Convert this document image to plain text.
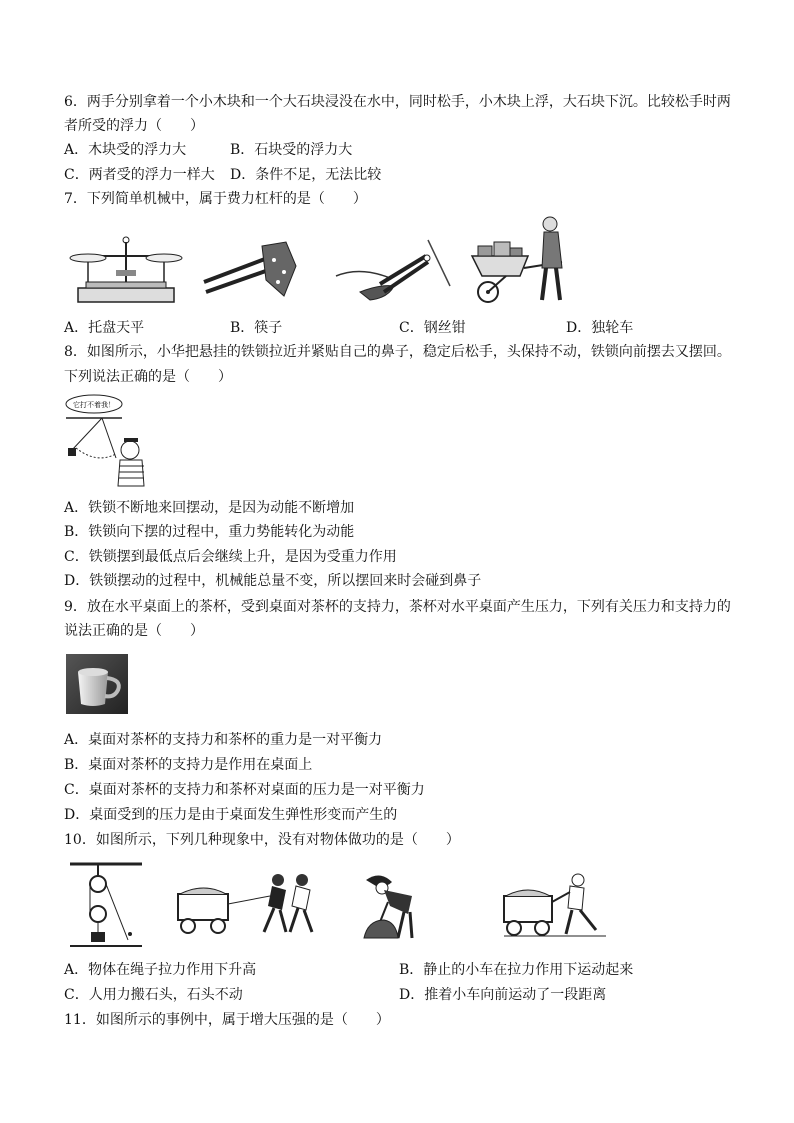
6．两手分别拿着一个小木块和一个大石块浸没在水中，同时松手，小木块上浮，大石块下沉。比较松手时两
者所受的浮力（　　）
A．木块受的浮力大	B．石块受的浮力大
C．两者受的浮力一样大 D．条件不足，无法比较
7．下列简单机械中，属于费力杠杆的是（　　）
A．托盘天平	B．筷子	C．钢丝钳	D．独轮车
8．如图所示，小华把悬挂的铁锁拉近并紧贴自己的鼻子，稳定后松手，头保持不动，铁锁向前摆去又摆回。
下列说法正确的是（　　）
它打不着我！
A．铁锁不断地来回摆动，是因为动能不断增加
B．铁锁向下摆的过程中，重力势能转化为动能
C．铁锁摆到最低点后会继续上升，是因为受重力作用
D．铁锁摆动的过程中，机械能总量不变，所以摆回来时会碰到鼻子
9．放在水平桌面上的茶杯，受到桌面对茶杯的支持力，茶杯对水平桌面产生压力，下列有关压力和支持力的
说法正确的是（　　）
A．桌面对茶杯的支持力和茶杯的重力是一对平衡力
B．桌面对茶杯的支持力是作用在桌面上
C．桌面对茶杯的支持力和茶杯对桌面的压力是一对平衡力
D．桌面受到的压力是由于桌面发生弹性形变而产生的
10．如图所示，下列几种现象中，没有对物体做功的是（　　）
A．物体在绳子拉力作用下升高	B．静止的小车在拉力作用下运动起来
C．人用力搬石头，石头不动	D．推着小车向前运动了一段距离
11．如图所示的事例中，属于增大压强的是（　　）
